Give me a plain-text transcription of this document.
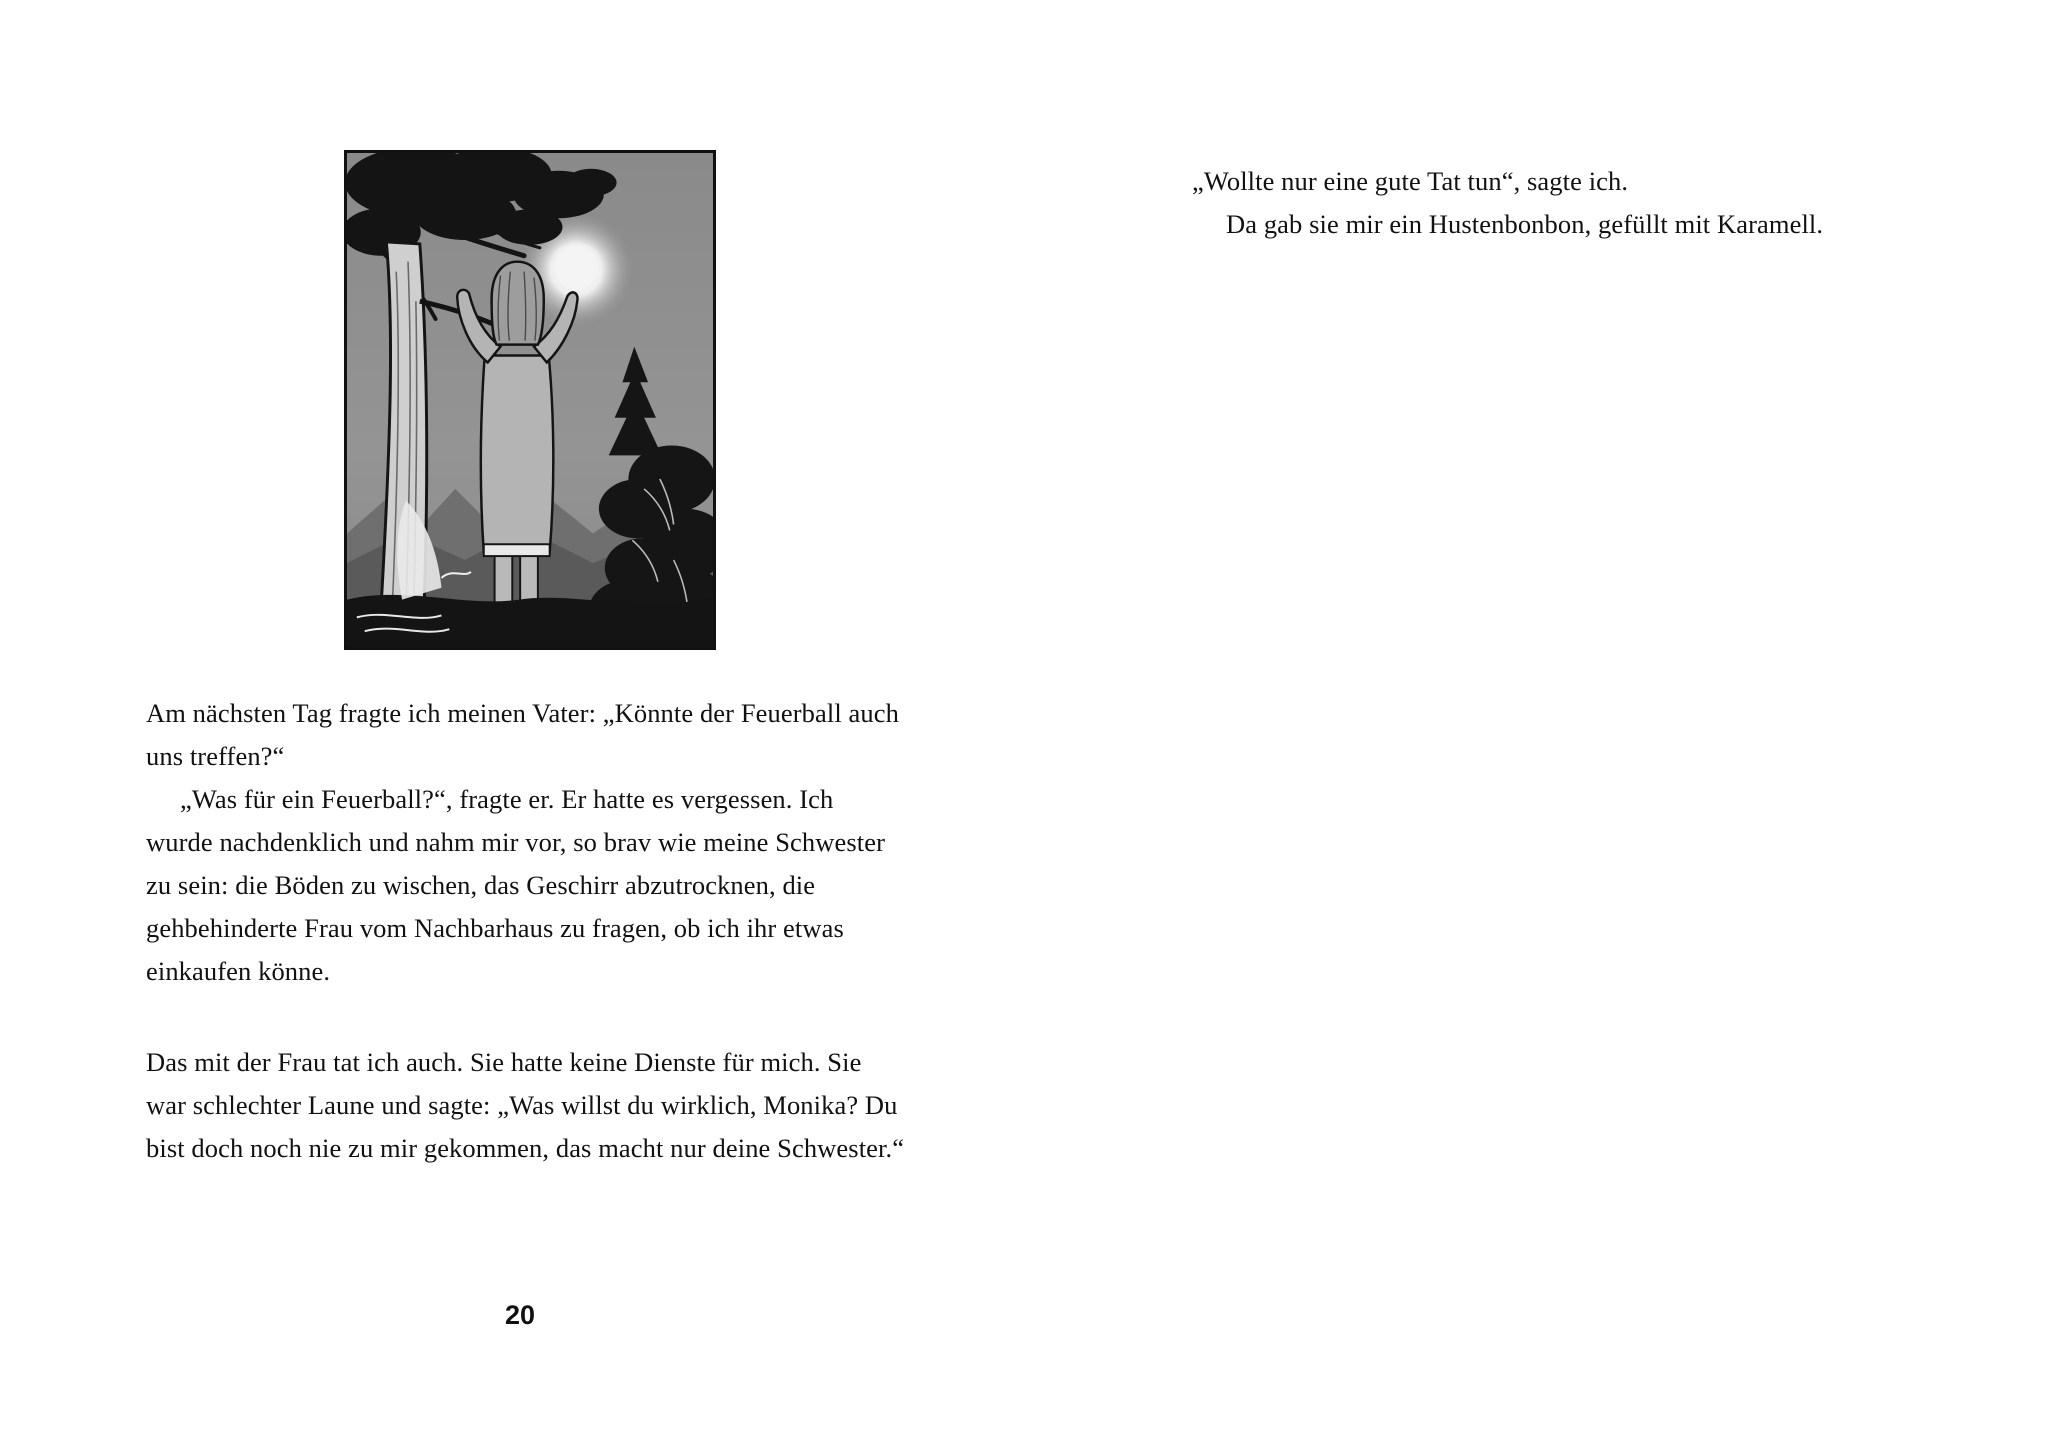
Am nächsten Tag fragte ich meinen Vater: „Könnte der Feuerball auch uns treffen?“

„Was für ein Feuerball?“, fragte er. Er hatte es vergessen. Ich wurde nachdenklich und nahm mir vor, so brav wie meine Schwester zu sein: die Böden zu wischen, das Geschirr abzutrocknen, die gehbehinderte Frau vom Nachbarhaus zu fragen, ob ich ihr etwas einkaufen könne.

Das mit der Frau tat ich auch. Sie hatte keine Dienste für mich. Sie war schlechter Laune und sagte: „Was willst du wirklich, Monika? Du bist doch noch nie zu mir gekommen, das macht nur deine Schwester.“

20

„Wollte nur eine gute Tat tun“, sagte ich.

Da gab sie mir ein Hustenbonbon, gefüllt mit Karamell.
